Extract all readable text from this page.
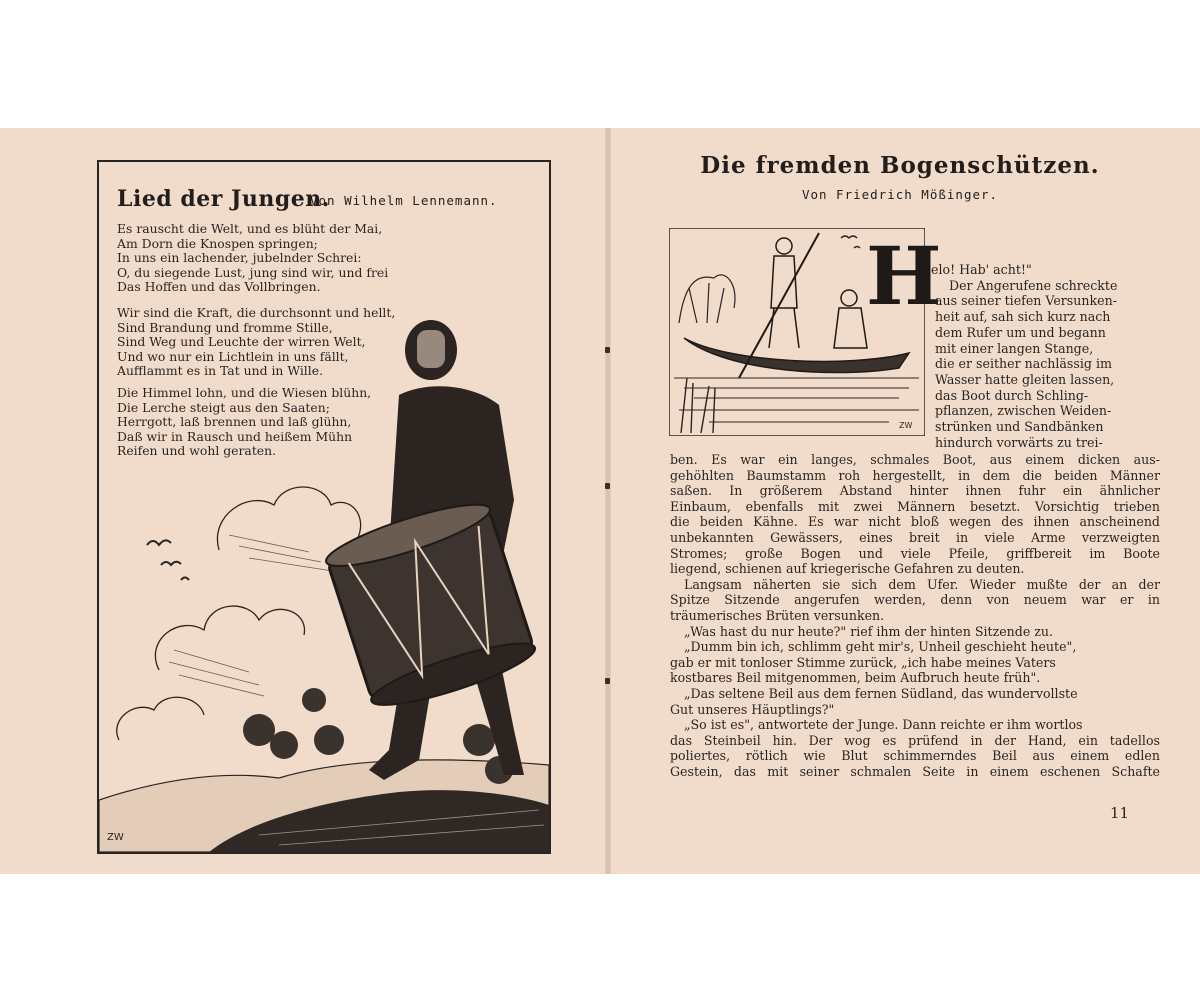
Lied der Jungen.
Von Wilhelm Lennemann.
Es rauscht die Welt, und es blüht der Mai,
Am Dorn die Knospen springen;
In uns ein lachender, jubelnder Schrei:
O, du siegende Lust, jung sind wir, und frei
Das Hoffen und das Vollbringen.
Wir sind die Kraft, die durchsonnt und hellt,
Sind Brandung und fromme Stille,
Sind Weg und Leuchte der wirren Welt,
Und wo nur ein Lichtlein in uns fällt,
Aufflammt es in Tat und in Wille.
Die Himmel lohn, und die Wiesen blühn,
Die Lerche steigt aus den Saaten;
Herrgott, laß brennen und laß glühn,
Daß wir in Rausch und heißem Mühn
Reifen und wohl geraten.
ZW
Die fremden Bogenschützen.
Von Friedrich Mößinger.
ZW
H
elo! Hab' acht!"
Der Angerufene schreckte
aus seiner tiefen Versunken-
heit auf, sah sich kurz nach
dem Rufer um und begann
mit einer langen Stange,
die er seither nachlässig im
Wasser hatte gleiten lassen,
das Boot durch Schling-
pflanzen, zwischen Weiden-
strünken und Sandbänken
hindurch vorwärts zu trei-
ben. Es war ein langes, schmales Boot, aus einem dicken aus-
gehöhlten Baumstamm roh hergestellt, in dem die beiden Männer
saßen. In größerem Abstand hinter ihnen fuhr ein ähnlicher
Einbaum, ebenfalls mit zwei Männern besetzt. Vorsichtig trieben
die beiden Kähne. Es war nicht bloß wegen des ihnen anscheinend
unbekannten Gewässers, eines breit in viele Arme verzweigten
Stromes; große Bogen und viele Pfeile, griffbereit im Boote
liegend, schienen auf kriegerische Gefahren zu deuten.
Langsam näherten sie sich dem Ufer. Wieder mußte der an der
Spitze Sitzende angerufen werden, denn von neuem war er in
träumerisches Brüten versunken.
„Was hast du nur heute?" rief ihm der hinten Sitzende zu.
„Dumm bin ich, schlimm geht mir's, Unheil geschieht heute",
gab er mit tonloser Stimme zurück, „ich habe meines Vaters
kostbares Beil mitgenommen, beim Aufbruch heute früh".
„Das seltene Beil aus dem fernen Südland, das wundervollste
Gut unseres Häuptlings?"
„So ist es", antwortete der Junge. Dann reichte er ihm wortlos
das Steinbeil hin. Der wog es prüfend in der Hand, ein tadellos
poliertes, rötlich wie Blut schimmerndes Beil aus einem edlen
Gestein, das mit seiner schmalen Seite in einem eschenen Schafte
11
